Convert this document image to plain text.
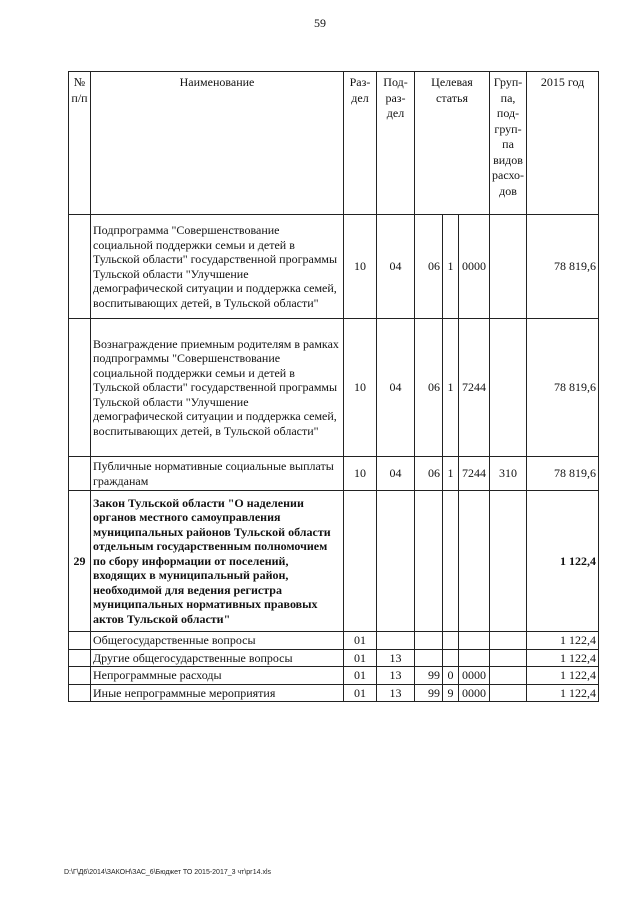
59
№ п/п	Наименование	Раз- дел	Под- раз- дел	Целевая статья			Груп- па, под- груп- па видов расхо- дов	2015 год
	Подпрограмма "Совершенствование социальной поддержки семьи и детей в Тульской области" государственной программы Тульской области "Улучшение демографической ситуации и поддержка семей, воспитывающих детей, в Тульской области"	10	04	06	1	0000		78 819,6
	Вознаграждение приемным родителям в рамках подпрограммы "Совершенствование социальной поддержки семьи и детей в Тульской области" государственной программы Тульской области "Улучшение демографической ситуации и поддержка семей, воспитывающих детей, в Тульской области"	10	04	06	1	7244		78 819,6
	Публичные нормативные социальные выплаты гражданам	10	04	06	1	7244	310	78 819,6
29	Закон Тульской области "О наделении органов местного самоуправления муниципальных районов Тульской области отдельным государственным полномочием по сбору информации от поселений, входящих в муниципальный район, необходимой для ведения регистра муниципальных нормативных правовых актов Тульской области"							1 122,4
	Общегосударственные вопросы	01						1 122,4
	Другие общегосударственные вопросы	01	13					1 122,4
	Непрограммные расходы	01	13	99	0	0000		1 122,4
	Иные непрограммные мероприятия	01	13	99	9	0000		1 122,4
D:\Г\Д6\2014\ЗАКОН\ЗАС_6\Бюджет ТО 2015-2017_3 чт\рг14.xls
